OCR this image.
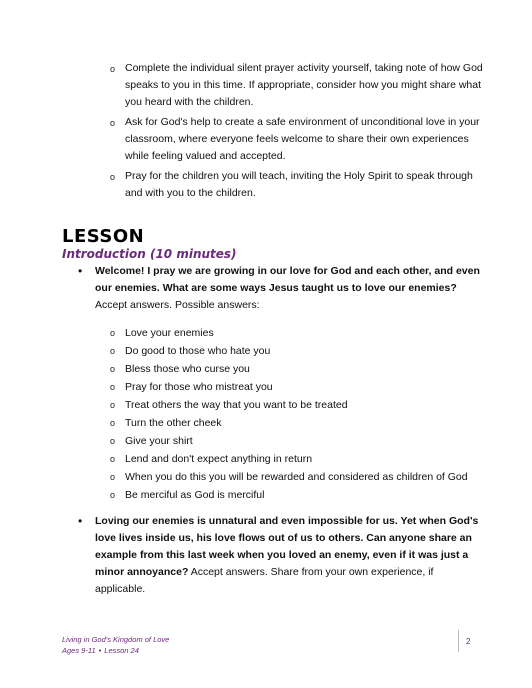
o Complete the individual silent prayer activity yourself, taking note of how God speaks to you in this time. If appropriate, consider how you might share what you heard with the children.
o Ask for God's help to create a safe environment of unconditional love in your classroom, where everyone feels welcome to share their own experiences while feeling valued and accepted.
o Pray for the children you will teach, inviting the Holy Spirit to speak through and with you to the children.
LESSON
Introduction (10 minutes)
• Welcome! I pray we are growing in our love for God and each other, and even our enemies. What are some ways Jesus taught us to love our enemies? Accept answers. Possible answers:
o Love your enemies
o Do good to those who hate you
o Bless those who curse you
o Pray for those who mistreat you
o Treat others the way that you want to be treated
o Turn the other cheek
o Give your shirt
o Lend and don't expect anything in return
o When you do this you will be rewarded and considered as children of God
o Be merciful as God is merciful
• Loving our enemies is unnatural and even impossible for us. Yet when God's love lives inside us, his love flows out of us to others. Can anyone share an example from this last week when you loved an enemy, even if it was just a minor annoyance? Accept answers. Share from your own experience, if applicable.
Living in God's Kingdom of Love
Ages 9-11 • Lesson 24
2
